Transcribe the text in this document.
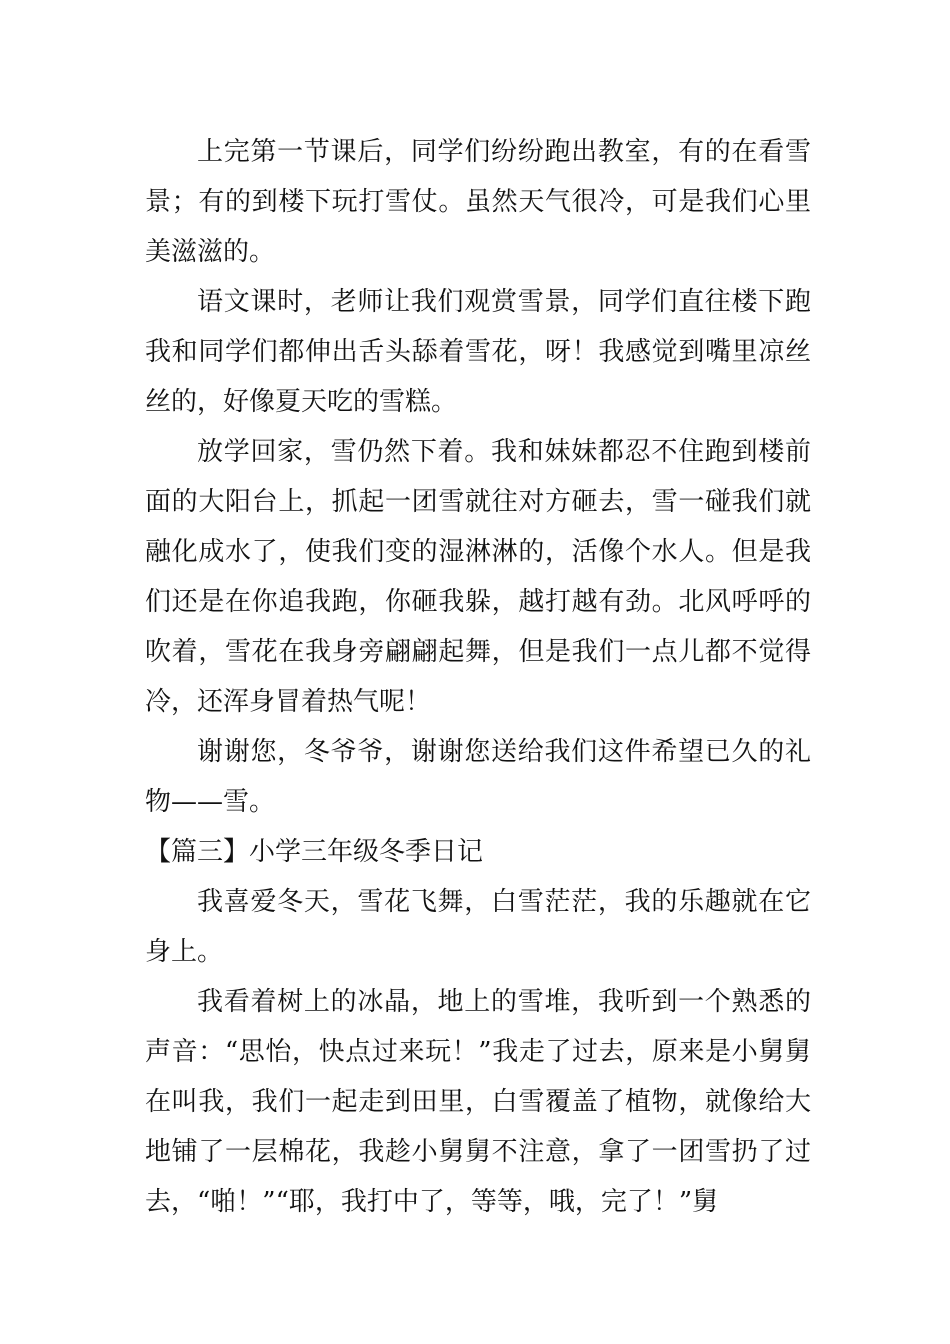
上完第一节课后，同学们纷纷跑出教室，有的在看雪景；有的到楼下玩打雪仗。虽然天气很冷，可是我们心里美滋滋的。

语文课时，老师让我们观赏雪景，同学们直往楼下跑我和同学们都伸出舌头舔着雪花，呀！我感觉到嘴里凉丝丝的，好像夏天吃的雪糕。

放学回家，雪仍然下着。我和妹妹都忍不住跑到楼前面的大阳台上，抓起一团雪就往对方砸去，雪一碰我们就融化成水了，使我们变的湿淋淋的，活像个水人。但是我们还是在你追我跑，你砸我躲，越打越有劲。北风呼呼的吹着，雪花在我身旁翩翩起舞，但是我们一点儿都不觉得冷，还浑身冒着热气呢！

谢谢您，冬爷爷，谢谢您送给我们这件希望已久的礼物——雪。

【篇三】小学三年级冬季日记

我喜爱冬天，雪花飞舞，白雪茫茫，我的乐趣就在它身上。

我看着树上的冰晶，地上的雪堆，我听到一个熟悉的声音：“思怡，快点过来玩！”我走了过去，原来是小舅舅在叫我，我们一起走到田里，白雪覆盖了植物，就像给大地铺了一层棉花，我趁小舅舅不注意，拿了一团雪扔了过去，“啪！”“耶，我打中了，等等，哦，完了！”舅
